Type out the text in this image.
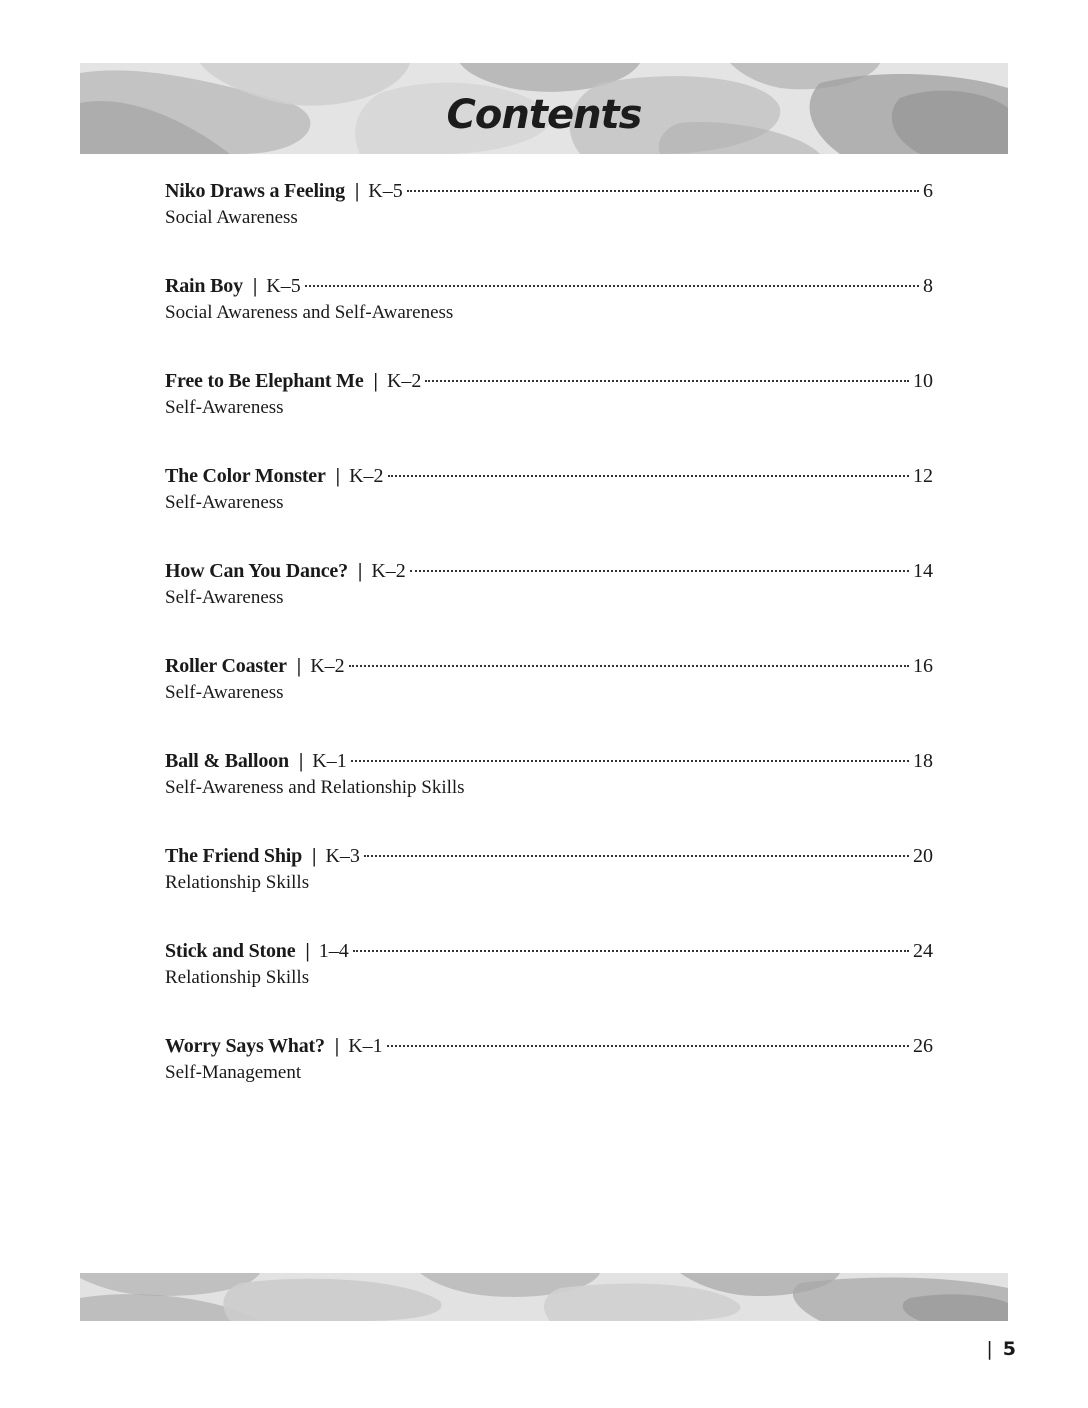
Contents
Niko Draws a Feeling | K–5	6
Social Awareness
Rain Boy | K–5	8
Social Awareness and Self-Awareness
Free to Be Elephant Me | K–2	10
Self-Awareness
The Color Monster | K–2	12
Self-Awareness
How Can You Dance? | K–2	14
Self-Awareness
Roller Coaster | K–2	16
Self-Awareness
Ball & Balloon | K–1	18
Self-Awareness and Relationship Skills
The Friend Ship | K–3	20
Relationship Skills
Stick and Stone | 1–4	24
Relationship Skills
Worry Says What? | K–1	26
Self-Management
| 5
